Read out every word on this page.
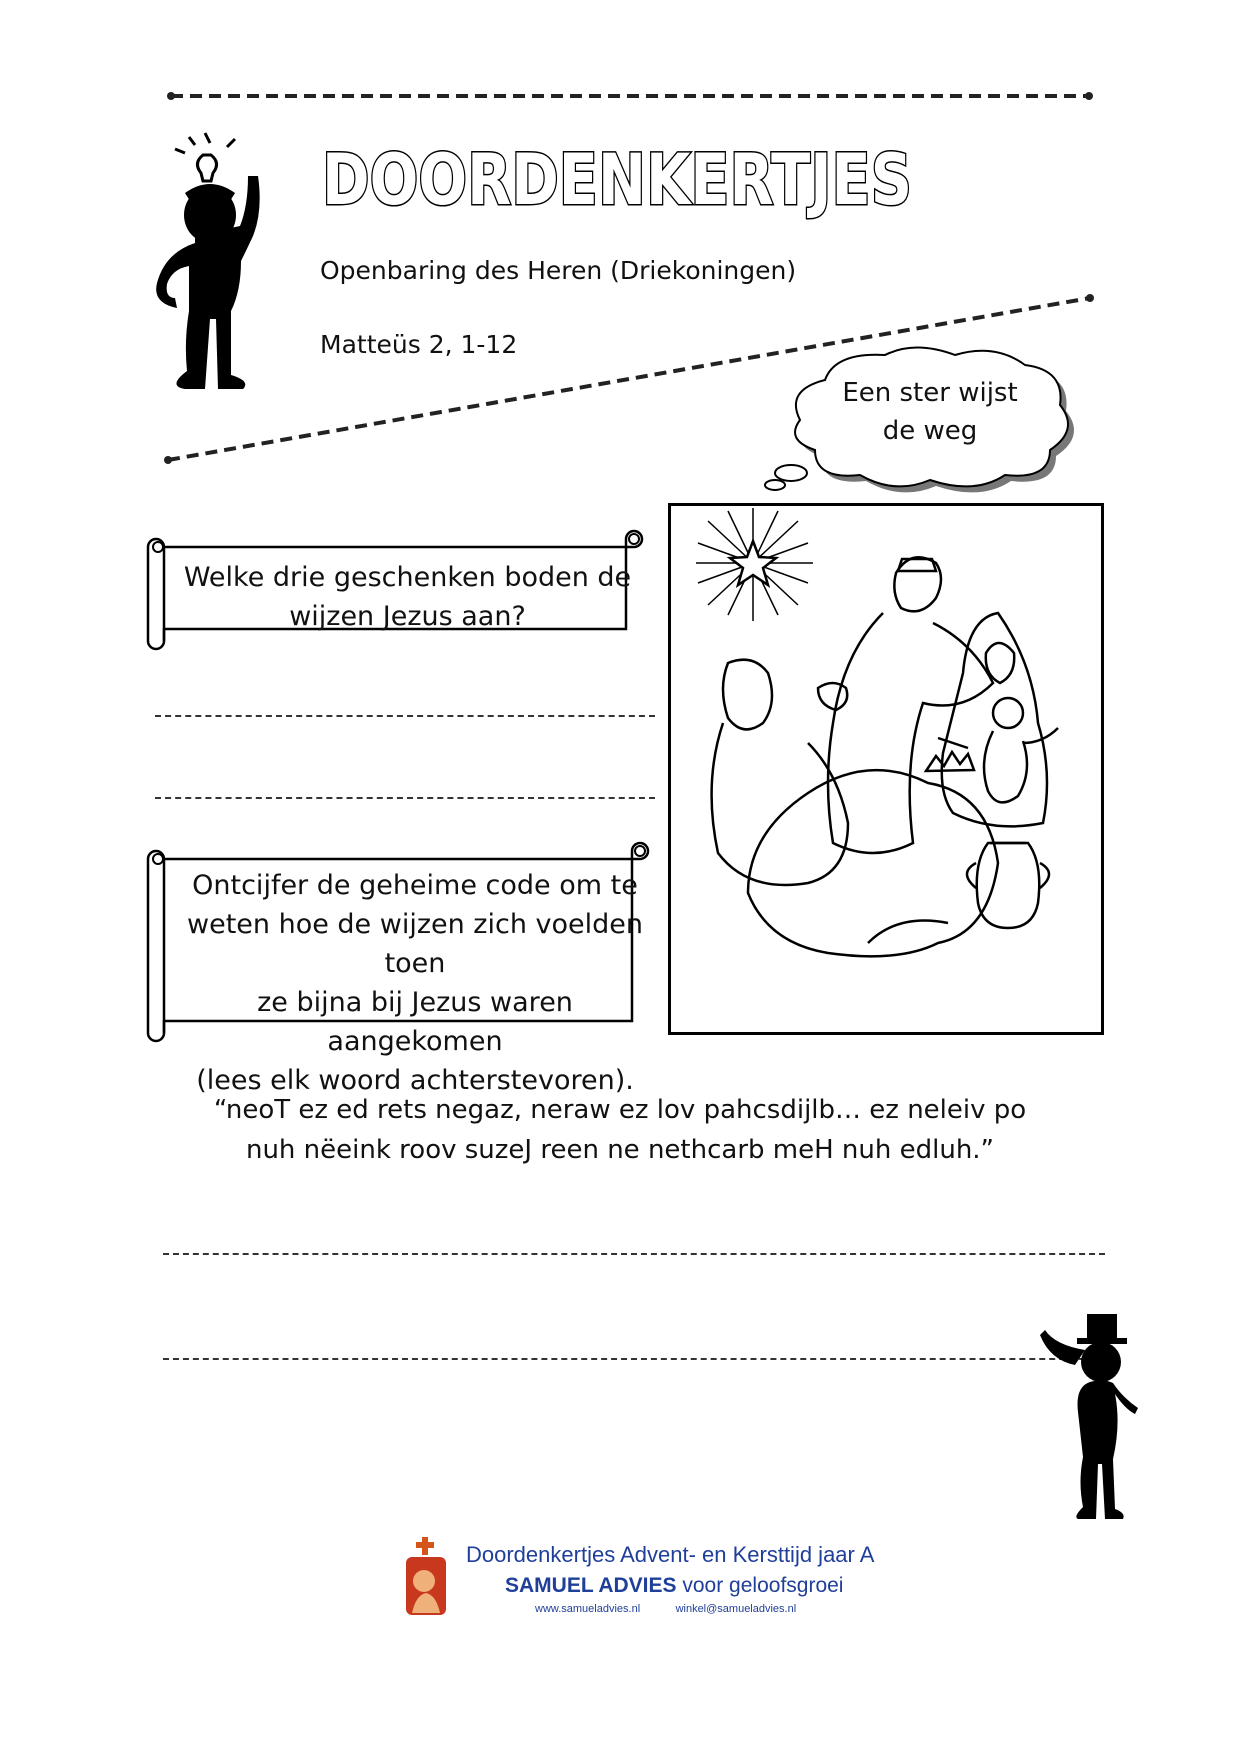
DOORDENKERTJES
Openbaring des Heren (Driekoningen)
Matteüs 2, 1-12
Een ster wijst
de weg
Welke drie geschenken boden de
wijzen Jezus aan?
Ontcijfer de geheime code om te
weten hoe de wijzen zich voelden toen
ze bijna bij Jezus waren aangekomen
(lees elk woord achterstevoren).
“neoT ez ed rets negaz, neraw ez lov pahcsdijlb… ez neleiv po
nuh nëeink roov suzeJ reen ne nethcarb meH nuh edluh.”
Doordenkertjes Advent- en Kersttijd jaar A
SAMUEL ADVIES voor geloofsgroei
www.samueladvies.nl	winkel@samueladvies.nl
